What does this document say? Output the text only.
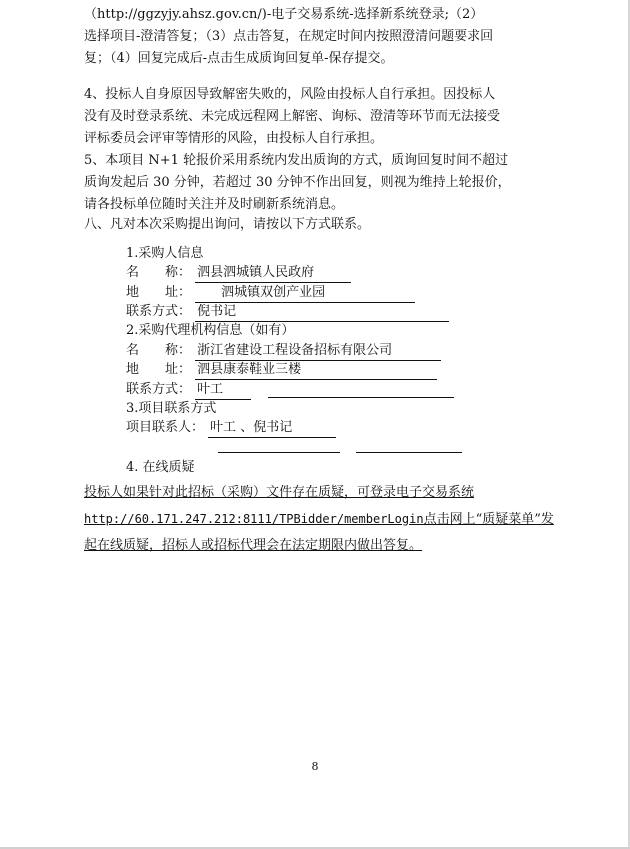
（http://ggzyjy.ahsz.gov.cn/)-电子交易系统-选择新系统登录;（2）
选择项目-澄清答复；（3）点击答复，在规定时间内按照澄清问题要求回
复；（4）回复完成后-点击生成质询回复单-保存提交。
4、投标人自身原因导致解密失败的，风险由投标人自行承担。因投标人
没有及时登录系统、未完成远程网上解密、询标、澄清等环节而无法接受
评标委员会评审等情形的风险，由投标人自行承担。
5、本项目 N+1 轮报价采用系统内发出质询的方式，质询回复时间不超过
质询发起后 30 分钟，若超过 30 分钟不作出回复，则视为维持上轮报价，
请各投标单位随时关注并及时刷新系统消息。
八、凡对本次采购提出询问，请按以下方式联系。
1.采购人信息
名　　称： 泗县泗城镇人民政府
地　　址： 泗城镇双创产业园
联系方式： 倪书记
2.采购代理机构信息（如有）
名　　称： 浙江省建设工程设备招标有限公司
地　　址： 泗县康泰鞋业三楼
联系方式： 叶工
3.项目联系方式
项目联系人： 叶工 、倪书记
4. 在线质疑
投标人如果针对此招标（采购）文件存在质疑，可登录电子交易系统http://60.171.247.212:8111/TPBidder/memberLogin点击网上“质疑菜单”发起在线质疑，招标人或招标代理会在法定期限内做出答复。
8
